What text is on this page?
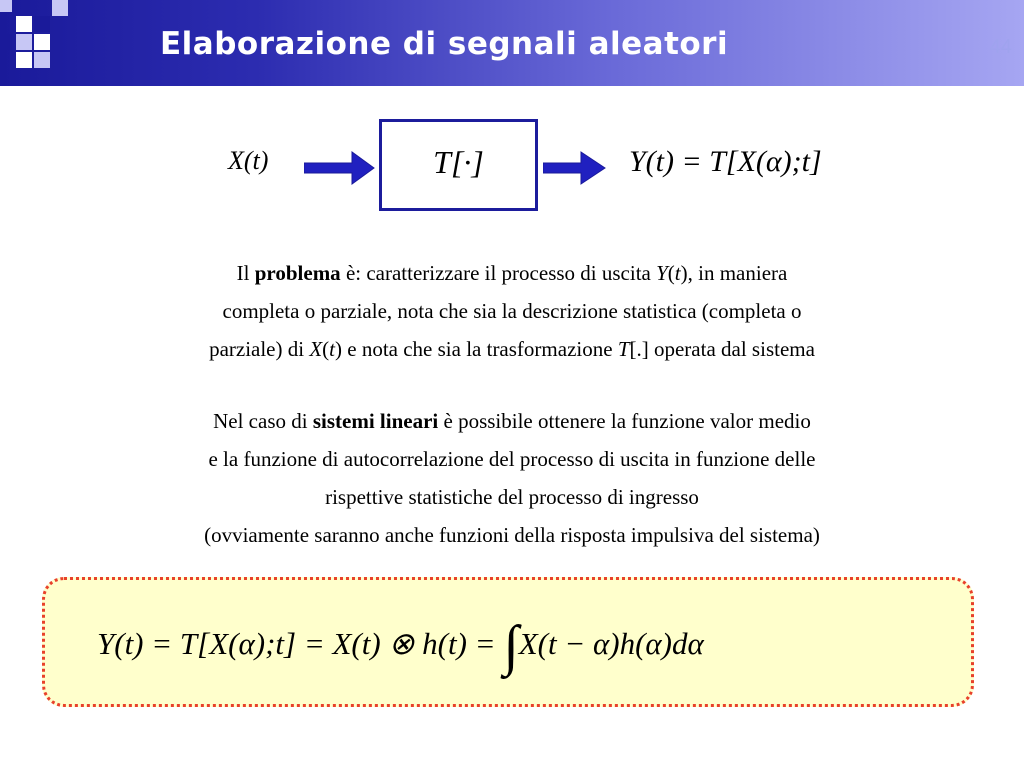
Elaborazione di segnali aleatori	44
X(t)	T[·]	Y(t) = T[X(α);t]

Il problema è: caratterizzare il processo di uscita Y(t), in maniera

completa o parziale, nota che sia la descrizione statistica (completa o

parziale) di X(t) e nota che sia la trasformazione T[.] operata dal sistema

Nel caso di sistemi lineari è possibile ottenere la funzione valor medio

e la funzione di autocorrelazione del processo di uscita in funzione delle

rispettive statistiche del processo di ingresso

(ovviamente saranno anche funzioni della risposta impulsiva del sistema)

Y(t) = T[X(α);t] = X(t) ⊗ h(t) = ∫X(t − α)h(α)dα
